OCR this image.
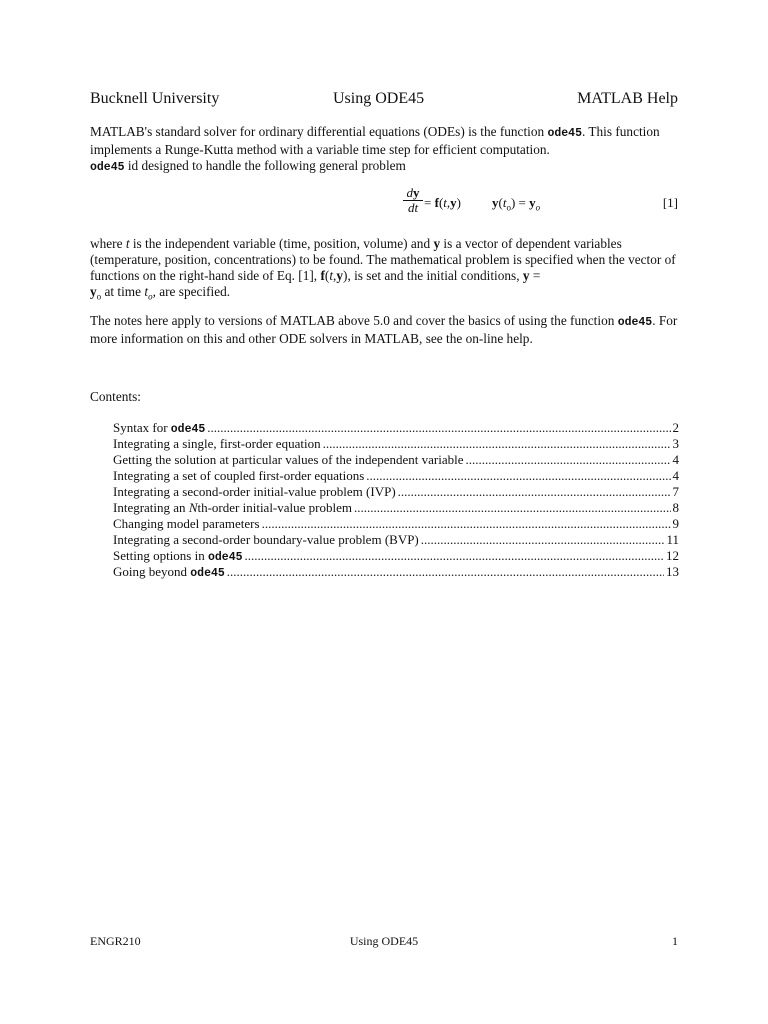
Bucknell University	Using ODE45	MATLAB Help
MATLAB's standard solver for ordinary differential equations (ODEs) is the function ode45. This function implements a Runge-Kutta method with a variable time step for efficient computation.
ode45 id designed to handle the following general problem
$\frac{dy}{dt} = f(t,y) y(t_o) = y_o$	[1]
where t is the independent variable (time, position, volume) and y is a vector of dependent variables (temperature, position, concentrations) to be found. The mathematical problem is specified when the vector of functions on the right-hand side of Eq. [1], f(t,y), is set and the initial conditions, y =
$y_o$ at time $t_o$, are specified.
The notes here apply to versions of MATLAB above 5.0 and cover the basics of using the function ode45. For more information on this and other ODE solvers in MATLAB, see the on-line help.
Contents:
Syntax for ode45 .....	2
Integrating a single, first-order equation .....	3
Getting the solution at particular values of the independent variable .....	4
Integrating a set of coupled first-order equations .....	4
Integrating a second-order initial-value problem (IVP) .....	7
Integrating an Nth-order initial-value problem .....	8
Changing model parameters .....	9
Integrating a second-order boundary-value problem (BVP) .....	11
Setting options in ode45 .....	12
Going beyond ode45 .....	13
ENGR210	Using ODE45	1
